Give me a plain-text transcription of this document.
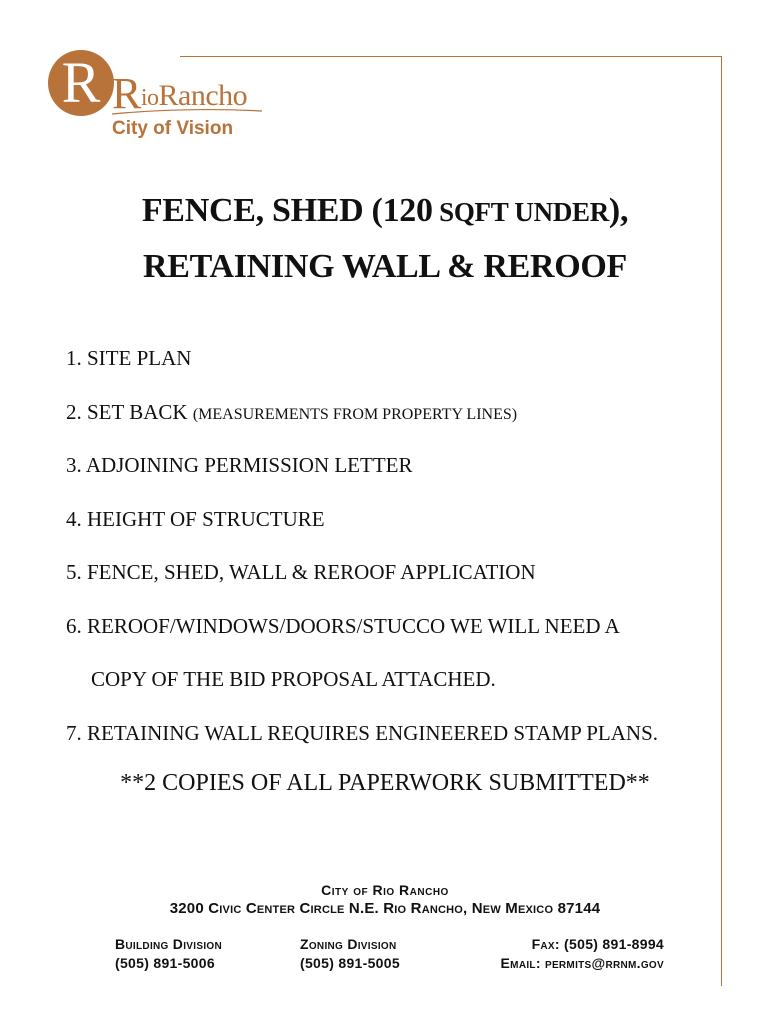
R RioRancho
City of Vision
FENCE, SHED (120 SQFT UNDER),
RETAINING WALL & REROOF
1. SITE PLAN
2. SET BACK (MEASUREMENTS FROM PROPERTY LINES)
3. ADJOINING PERMISSION LETTER
4. HEIGHT OF STRUCTURE
5. FENCE, SHED, WALL & REROOF APPLICATION
6. REROOF/WINDOWS/DOORS/STUCCO WE WILL NEED A
COPY OF THE BID PROPOSAL ATTACHED.
7. RETAINING WALL REQUIRES ENGINEERED STAMP PLANS.
**2 COPIES OF ALL PAPERWORK SUBMITTED**
City of Rio Rancho
3200 Civic Center Circle N.E. Rio Rancho, New Mexico 87144
Building Division
(505) 891-5006
Zoning Division
(505) 891-5005
Fax: (505) 891-8994
Email: permits@rrnm.gov
